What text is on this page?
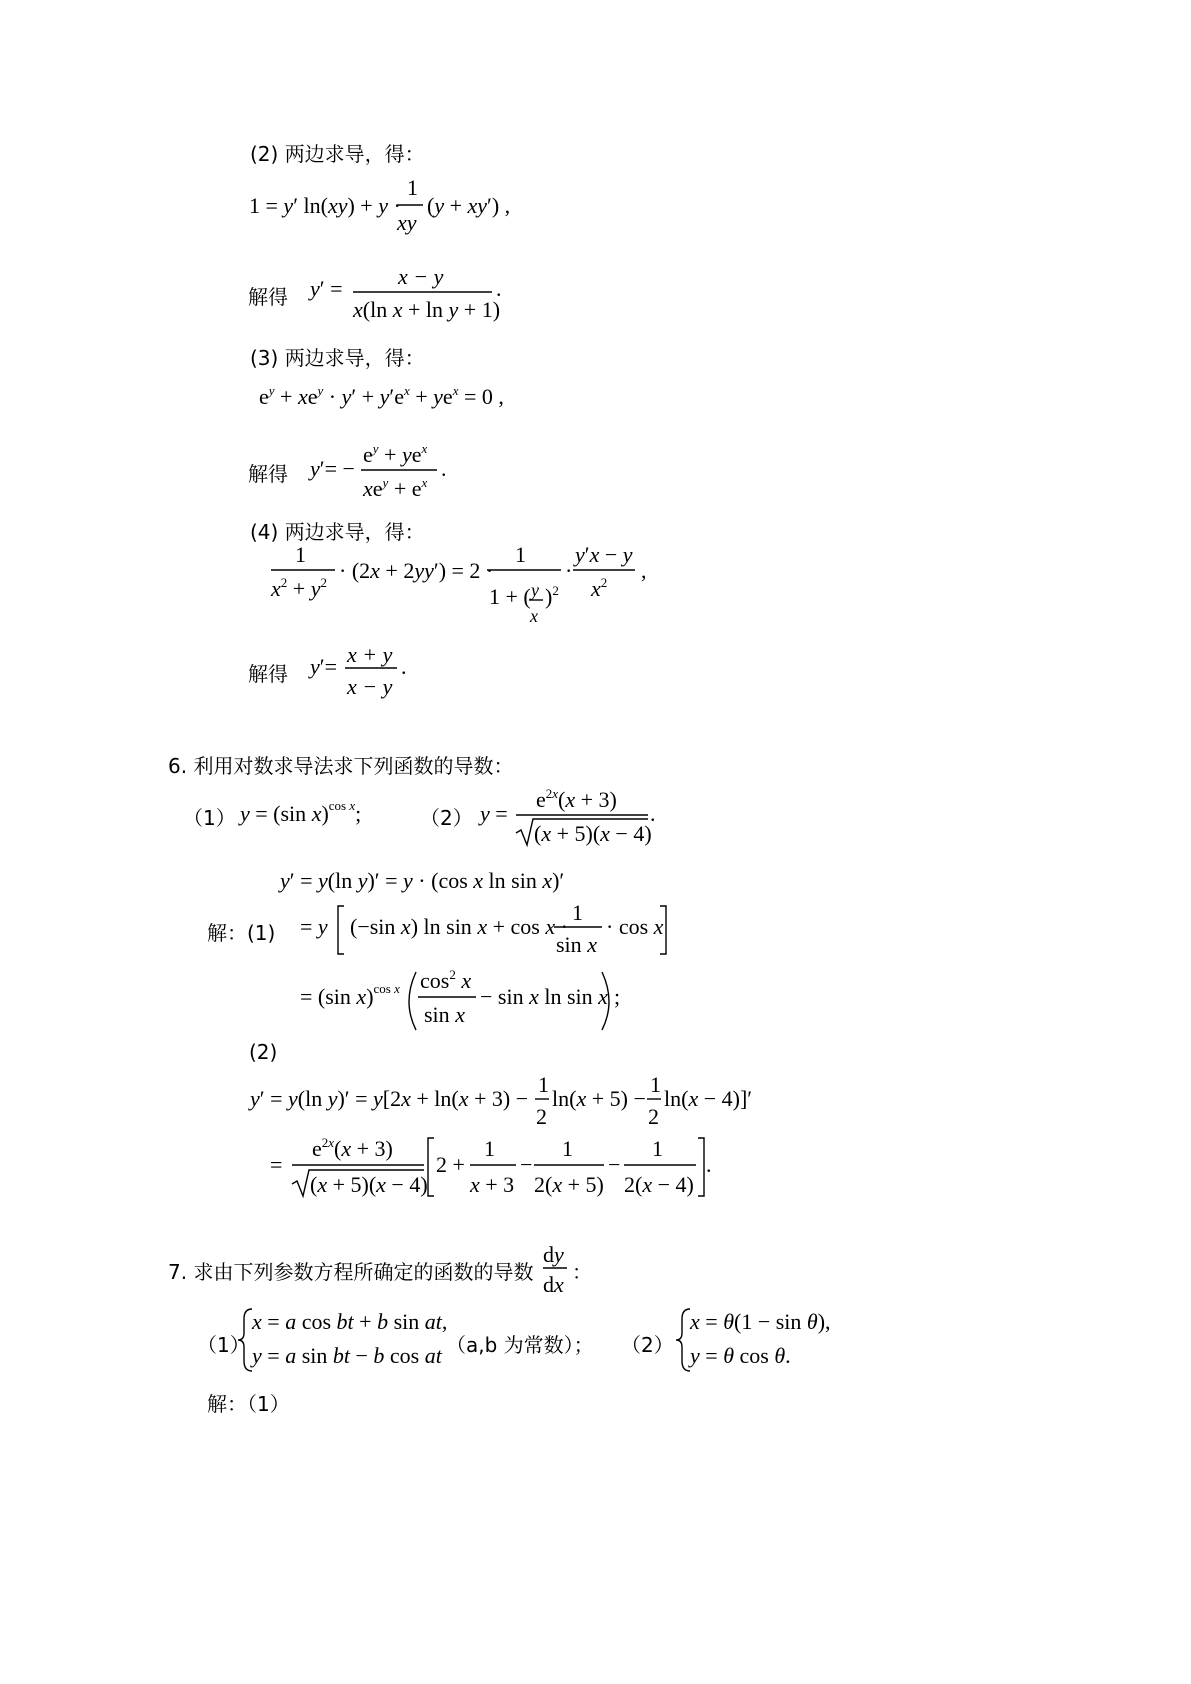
(2) 两边求导，得：
1 = y′ ln(xy) + y ·
1
xy
(y + xy′) ,
解得 y′ =	x − y
x(ln x + ln y + 1)
.
(3) 两边求导，得：
$e^y + xe^y \cdot y' + y'e^x + ye^x = 0$ ,
解得 y′= −
$e^y + ye^x$
$xe^y + e^x$
.
(4) 两边求导，得：
1
$x^2 + y^2 \cdot (2x + 2yy') = 2$ ·
1
1 + ( y
x
)$^2$
·
y′x − y
$x^2$ ,
解得 y′= x + y
x − y
.
6. 利用对数求导法求下列函数的导数：
（1） y = (sin x)$^{cos x}$;	（2） y =
$e^{2x}(x + 3)$
(x + 5)(x − 4)
.
y′ = y(ln y)′ = y · (cos x ln sin x)′
解：(1) = y (−sin x) ln sin x + cos x ·
1
sin x
· cos x
= (sin x)$^{cos x}$ $\cos^2 x$
sin x
− sin x ln sin x ;
(2)
y′ = y(ln y)′ = y[2x + ln(x + 3) −
1
2
ln(x + 5) −
1
2
ln(x − 4)]′
=
$e^{2x}(x + 3)$
(x + 5)(x − 4)
2 +
1
x + 3
−
1
2(x + 5)
−
1
2(x − 4)
.
7. 求由下列参数方程所确定的函数的导数
dy
dx ：
（1）
x = a cos bt + b sin at,
y = a sin bt − b cos at （a,b 为常数）； （2）
x = θ(1 − sin θ),
y = θ cos θ.
解：（1）
